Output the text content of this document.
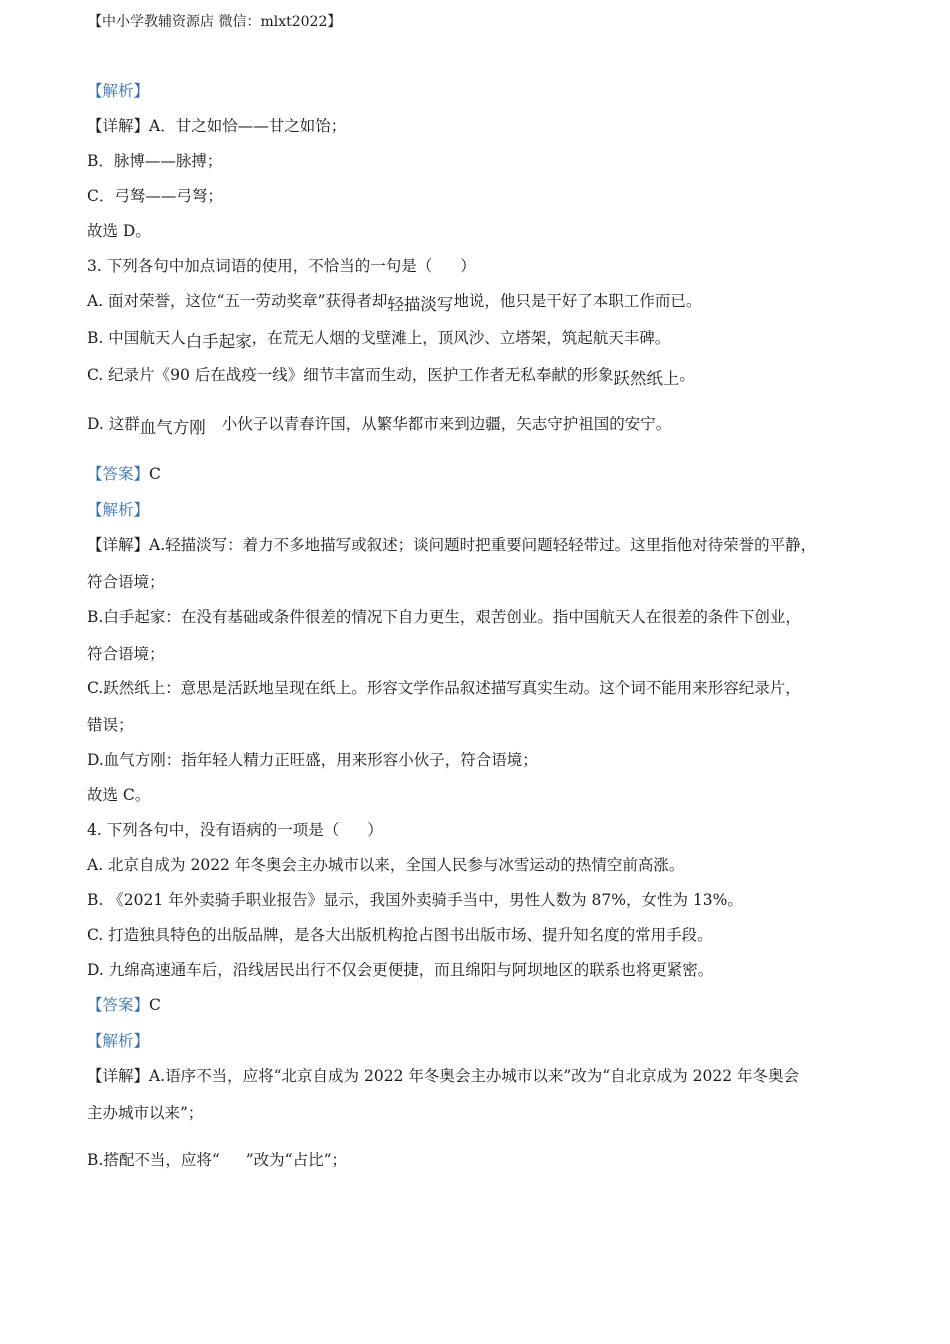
【中小学教辅资源店 微信：mlxt2022】
【解析】
【详解】A．甘之如恰——甘之如饴；
B．脉博——脉搏；
C．弓驽——弓弩；
故选 D。
3. 下列各句中加点词语的使用，不恰当的一句是（ ）
A. 面对荣誉，这位“五一劳动奖章”获得者却轻描淡写地说，他只是干好了本职工作而已。
B. 中国航天人白手起家，在荒无人烟的戈壁滩上，顶风沙、立塔架，筑起航天丰碑。
C. 纪录片《90 后在战疫一线》细节丰富而生动，医护工作者无私奉献的形象跃然纸上。
D. 这群血气方刚 小伙子以青春许国，从繁华都市来到边疆，矢志守护祖国的安宁。
【答案】C
【解析】
【详解】A.轻描淡写：着力不多地描写或叙述；谈问题时把重要问题轻轻带过。这里指他对待荣誉的平静，
符合语境；
B.白手起家：在没有基础或条件很差的情况下自力更生，艰苦创业。指中国航天人在很差的条件下创业，
符合语境；
C.跃然纸上：意思是活跃地呈现在纸上。形容文学作品叙述描写真实生动。这个词不能用来形容纪录片，
错误；
D.血气方刚：指年轻人精力正旺盛，用来形容小伙子，符合语境；
故选 C。
4. 下列各句中，没有语病的一项是（ ）
A. 北京自成为 2022 年冬奥会主办城市以来，全国人民参与冰雪运动的热情空前高涨。
B. 《2021 年外卖骑手职业报告》显示，我国外卖骑手当中，男性人数为 87%，女性为 13%。
C. 打造独具特色的出版品牌，是各大出版机构抢占图书出版市场、提升知名度的常用手段。
D. 九绵高速通车后，沿线居民出行不仅会更便捷，而且绵阳与阿坝地区的联系也将更紧密。
【答案】C
【解析】
【详解】A.语序不当，应将“北京自成为 2022 年冬奥会主办城市以来”改为“自北京成为 2022 年冬奥会
主办城市以来”；
B.搭配不当，应将“ ”改为“占比”；
